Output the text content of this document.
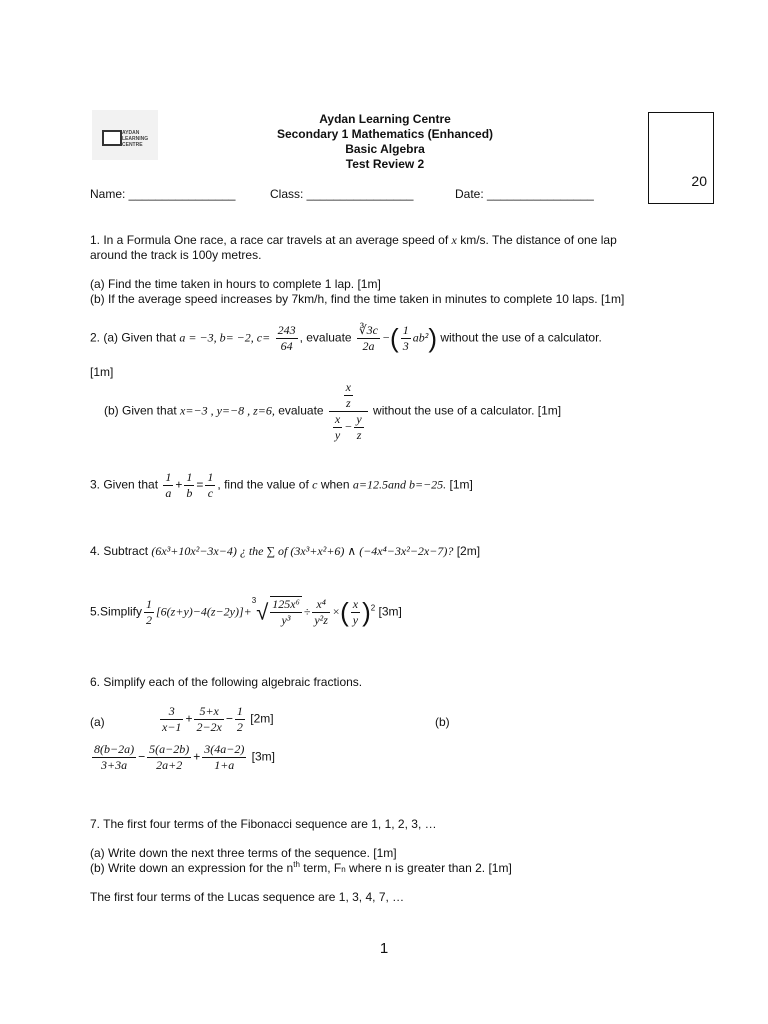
AYDAN
LEARNING
CENTRE
Aydan Learning Centre
Secondary 1 Mathematics (Enhanced)
Basic Algebra
Test Review 2
20
Name: ________________	Class: ________________	Date: ________________
1. In a Formula One race, a race car travels at an average speed of x km/s. The distance of one lap
around the track is 100y metres.
(a) Find the time taken in hours to complete 1 lap. [1m]
(b) If the average speed increases by 7km/h, find the time taken in minutes to complete 10 laps. [1m]
2. (a) Given that a = −3, b= −2, $c= \frac{243}{64}$ , evaluate $\frac{∛3c}{2a}$ −( $\frac{1}{3} ab^2$) without the use of a calculator.
[1m]
(b) Given that x=−3 , y=−8 , z=6, evaluate $\frac{\frac{x}{z}}{\frac{x}{y} - \frac{y}{z}}$ without the use of a calculator. [1m]
3. Given that $\frac{1}{a} + \frac{1}{b} = \frac{1}{c}$ , find the value of c when a=12.5and b=−25. [1m]
4. Subtract (6x³+10x²−3x−4) ¿ the ∑ of (3x³+x²+6) ∧ (−4x⁴−3x²−2x−7)? [2m]
5.Simplify $\frac{1}{2} [6(z+y)-4(z-2y)]+^3√ \frac{\text{125x⁶}}{\text{y³}} \div \frac{\text{x⁴}}{\text{y²z}}$ ×( $\frac{x}{y} )^2$ [3m]
6. Simplify each of the following algebraic fractions.
(a)	$\frac{3}{x-1} + \frac{5+x}{2-2x} - \frac{1}{2} [2m]$	(b)
$\frac{8(b-2a)}{3+3a} - \frac{5(a-2b)}{2a+2} + \frac{3(4a-2)}{1+a} [3m]$
7. The first four terms of the Fibonacci sequence are 1, 1, 2, 3, …
(a) Write down the next three terms of the sequence. [1m]
(b) Write down an expression for the $n^{th}$ term, Fn where n is greater than 2. [1m]
The first four terms of the Lucas sequence are 1, 3, 4, 7, …
1
